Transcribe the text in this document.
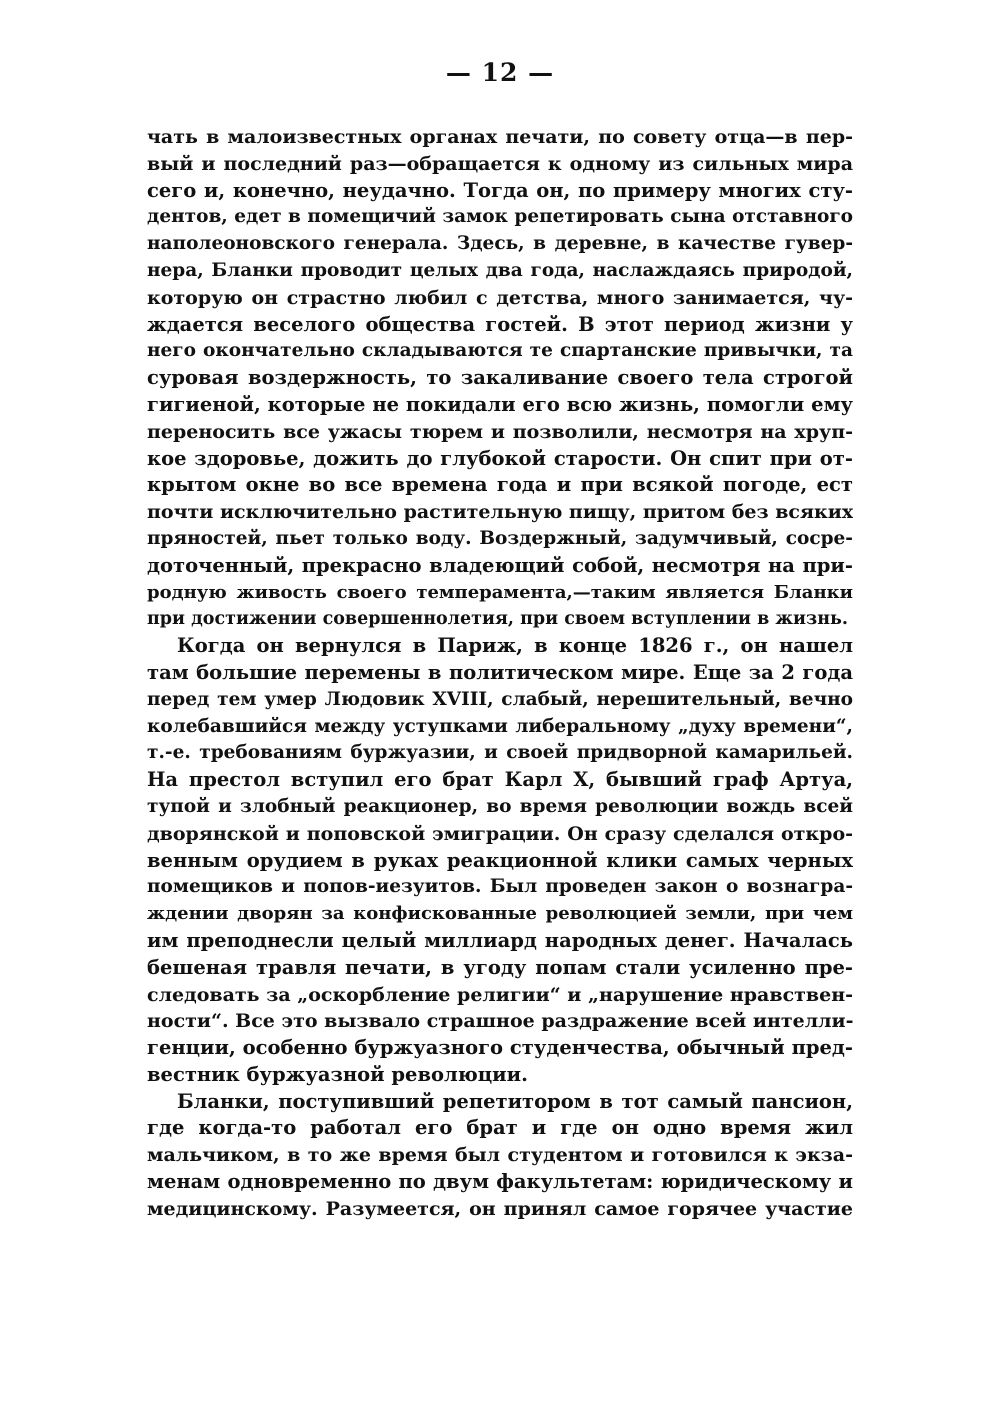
— 12 —
чать в малоизвестных органах печати, по совету отца—в пер-
вый и последний раз—обращается к одному из сильных мира
сего и, конечно, неудачно. Тогда он, по примеру многих сту-
дентов, едет в помещичий замок репетировать сына отставного
наполеоновского генерала. Здесь, в деревне, в качестве гувер-
нера, Бланки проводит целых два года, наслаждаясь природой,
которую он страстно любил с детства, много занимается, чу-
ждается веселого общества гостей. В этот период жизни у
него окончательно складываются те спартанские привычки, та
суровая воздержность, то закаливание своего тела строгой
гигиеной, которые не покидали его всю жизнь, помогли ему
переносить все ужасы тюрем и позволили, несмотря на хруп-
кое здоровье, дожить до глубокой старости. Он спит при от-
крытом окне во все времена года и при всякой погоде, ест
почти исключительно растительную пищу, притом без всяких
пряностей, пьет только воду. Воздержный, задумчивый, сосре-
доточенный, прекрасно владеющий собой, несмотря на при-
родную живость своего темперамента,—таким является Бланки
при достижении совершеннолетия, при своем вступлении в жизнь.
Когда он вернулся в Париж, в конце 1826 г., он нашел
там большие перемены в политическом мире. Еще за 2 года
перед тем умер Людовик XVIII, слабый, нерешительный, вечно
колебавшийся между уступками либеральному „духу времени“,
т.-е. требованиям буржуазии, и своей придворной камарильей.
На престол вступил его брат Карл X, бывший граф Артуа,
тупой и злобный реакционер, во время революции вождь всей
дворянской и поповской эмиграции. Он сразу сделался откро-
венным орудием в руках реакционной клики самых черных
помещиков и попов-иезуитов. Был проведен закон о вознагра-
ждении дворян за конфискованные революцией земли, при чем
им преподнесли целый миллиард народных денег. Началась
бешеная травля печати, в угоду попам стали усиленно пре-
следовать за „оскорбление религии“ и „нарушение нравствен-
ности“. Все это вызвало страшное раздражение всей интелли-
генции, особенно буржуазного студенчества, обычный пред-
вестник буржуазной революции.
Бланки, поступивший репетитором в тот самый пансион,
где когда-то работал его брат и где он одно время жил
мальчиком, в то же время был студентом и готовился к экза-
менам одновременно по двум факультетам: юридическому и
медицинскому. Разумеется, он принял самое горячее участие
